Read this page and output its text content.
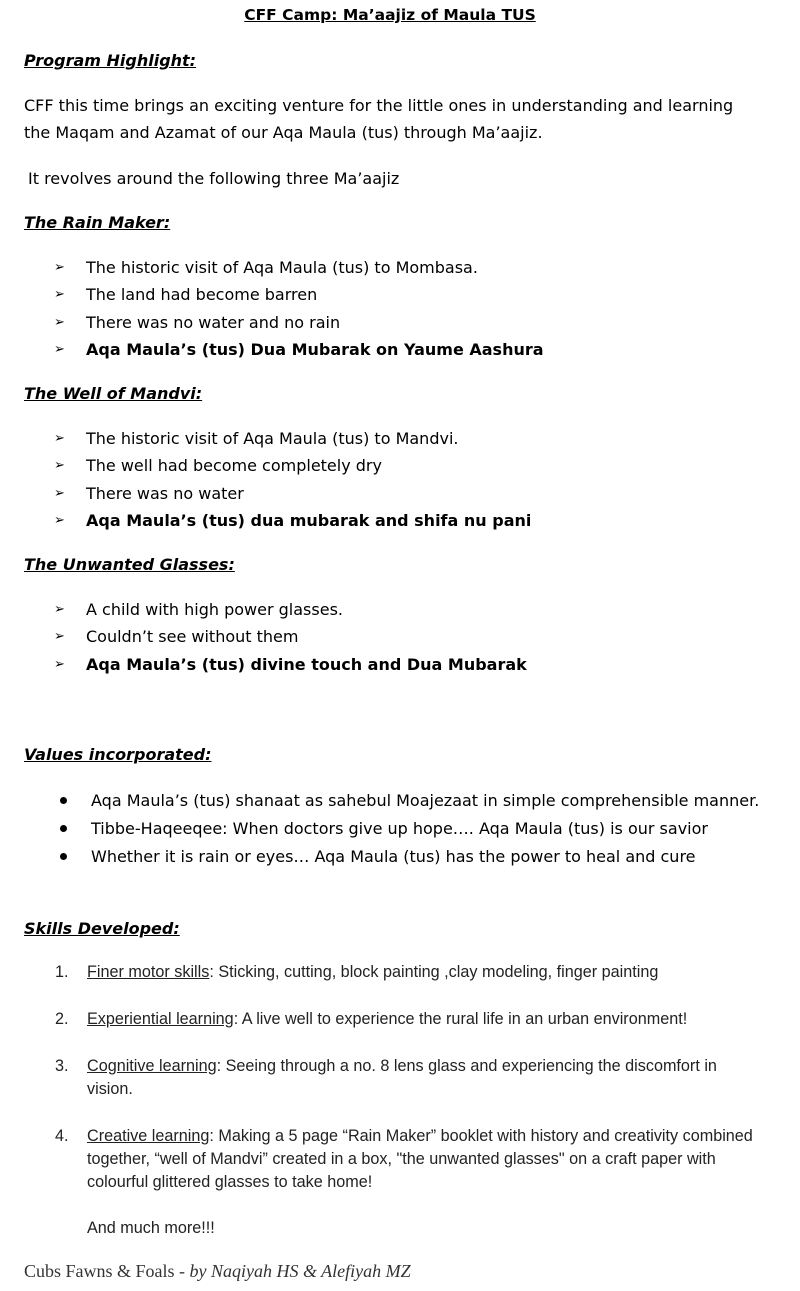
CFF Camp: Ma’aajiz of Maula TUS
Program Highlight:
CFF this time brings an exciting venture for the little ones in understanding and learning the Maqam and Azamat of our Aqa Maula (tus) through Ma’aajiz.
It revolves around the following three Ma’aajiz
The Rain Maker:
➢ The historic visit of Aqa Maula (tus) to Mombasa.
➢ The land had become barren
➢ There was no water and no rain
➢ Aqa Maula’s (tus) Dua Mubarak on Yaume Aashura
The Well of Mandvi:
➢ The historic visit of Aqa Maula (tus) to Mandvi.
➢ The well had become completely dry
➢ There was no water
➢ Aqa Maula’s (tus) dua mubarak and shifa nu pani
The Unwanted Glasses:
➢ A child with high power glasses.
➢ Couldn’t see without them
➢ Aqa Maula’s (tus) divine touch and Dua Mubarak
Values incorporated:
Aqa Maula’s (tus) shanaat as sahebul Moajezaat in simple comprehensible manner.
Tibbe-Haqeeqee: When doctors give up hope…. Aqa Maula (tus) is our savior
Whether it is rain or eyes… Aqa Maula (tus) has the power to heal and cure
Skills Developed:
1. Finer motor skills: Sticking, cutting, block painting ,clay modeling, finger painting
2. Experiential learning: A live well to experience the rural life in an urban environment!
3. Cognitive learning: Seeing through a no. 8 lens glass and experiencing the discomfort in vision.
4. Creative learning: Making a 5 page “Rain Maker” booklet with history and creativity combined together, “well of Mandvi” created in a box, "the unwanted glasses" on a craft paper with colourful glittered glasses to take home!
And much more!!!
Cubs Fawns & Foals - by Naqiyah HS & Alefiyah MZ
